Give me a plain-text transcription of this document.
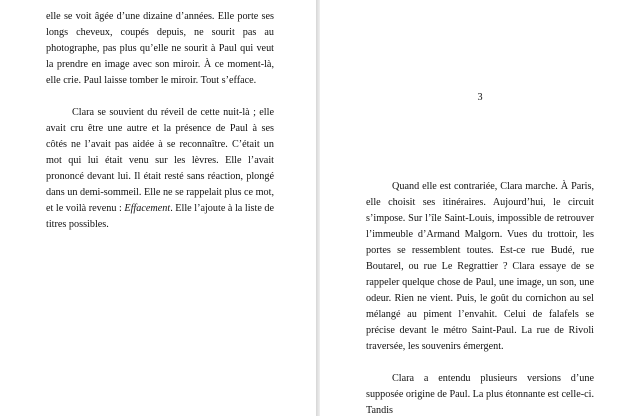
elle se voit âgée d’une dizaine d’années. Elle porte ses longs cheveux, coupés depuis, ne sourit pas au photographe, pas plus qu’elle ne sourit à Paul qui veut la prendre en image avec son miroir. À ce moment-là, elle crie. Paul laisse tomber le miroir. Tout s’efface.

Clara se souvient du réveil de cette nuit-là ; elle avait cru être une autre et la présence de Paul à ses côtés ne l’avait pas aidée à se reconnaître. C’était un mot qui lui était venu sur les lèvres. Elle l’avait prononcé devant lui. Il était resté sans réaction, plongé dans un demi-sommeil. Elle ne se rappelait plus ce mot, et le voilà revenu : Effacement. Elle l’ajoute à la liste de titres possibles.

3

Quand elle est contrariée, Clara marche. À Paris, elle choisit ses itinéraires. Aujourd’hui, le circuit s’impose. Sur l’île Saint-Louis, impossible de retrouver l’immeuble d’Armand Malgorn. Vues du trottoir, les portes se ressemblent toutes. Est-ce rue Budé, rue Boutarel, ou rue Le Regrattier ? Clara essaye de se rappeler quelque chose de Paul, une image, un son, une odeur. Rien ne vient. Puis, le goût du cornichon au sel mélangé au piment l’envahit. Celui de falafels se précise devant le métro Saint-Paul. La rue de Rivoli traversée, les souvenirs émergent.

Clara a entendu plusieurs versions d’une supposée origine de Paul. La plus étonnante est celle-ci. Tandis
